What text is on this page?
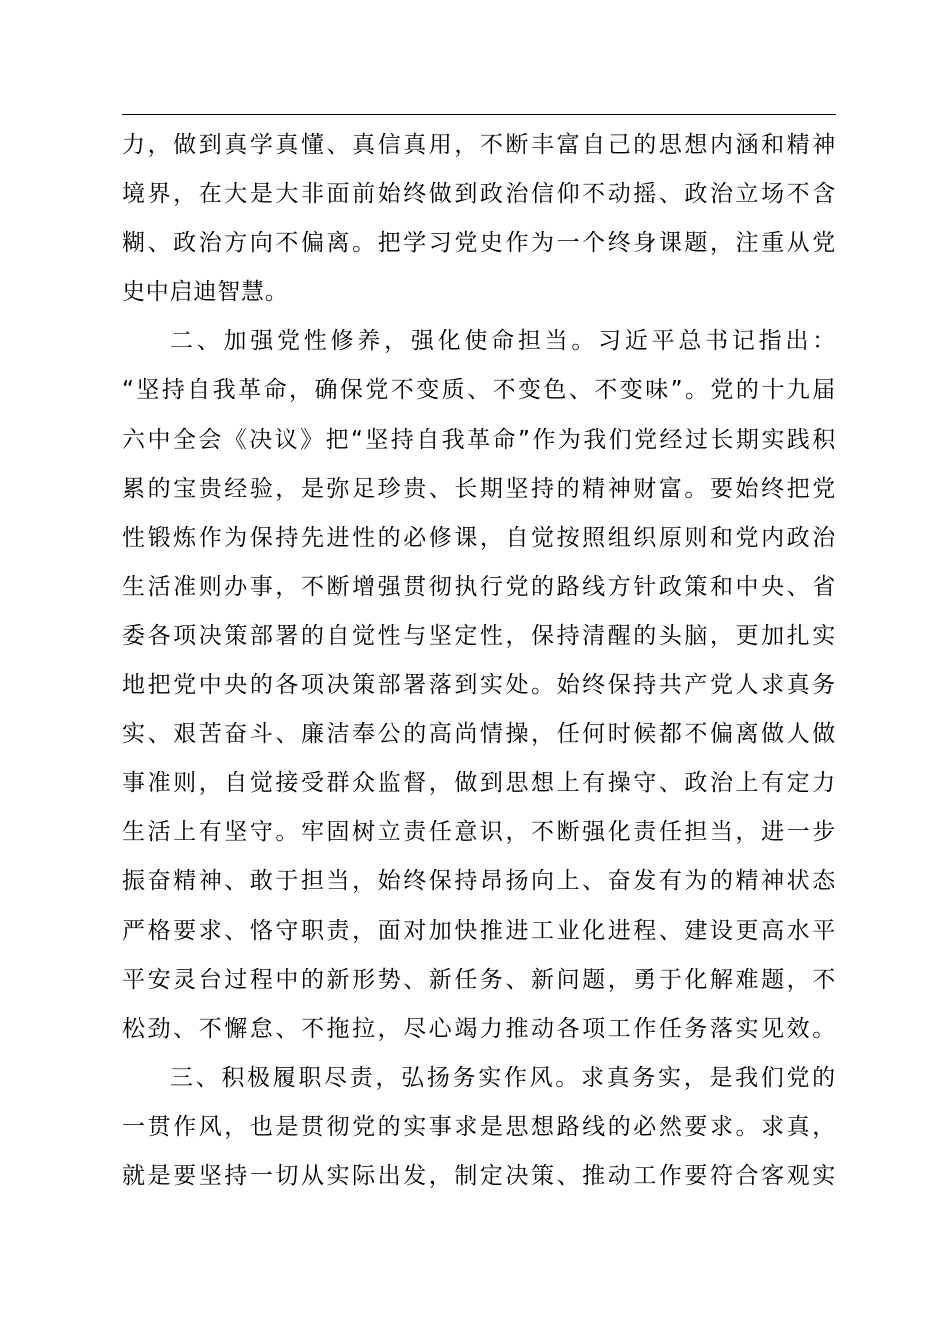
力，做到真学真懂、真信真用，不断丰富自己的思想内涵和精神
境界，在大是大非面前始终做到政治信仰不动摇、政治立场不含
糊、政治方向不偏离。把学习党史作为一个终身课题，注重从党
史中启迪智慧。
二、加强党性修养，强化使命担当。习近平总书记指出：
“坚持自我革命，确保党不变质、不变色、不变味”。党的十九届
六中全会《决议》把“坚持自我革命”作为我们党经过长期实践积
累的宝贵经验，是弥足珍贵、长期坚持的精神财富。要始终把党
性锻炼作为保持先进性的必修课，自觉按照组织原则和党内政治
生活准则办事，不断增强贯彻执行党的路线方针政策和中央、省
委各项决策部署的自觉性与坚定性，保持清醒的头脑，更加扎实
地把党中央的各项决策部署落到实处。始终保持共产党人求真务
实、艰苦奋斗、廉洁奉公的高尚情操，任何时候都不偏离做人做
事准则，自觉接受群众监督，做到思想上有操守、政治上有定力
生活上有坚守。牢固树立责任意识，不断强化责任担当，进一步
振奋精神、敢于担当，始终保持昂扬向上、奋发有为的精神状态
严格要求、恪守职责，面对加快推进工业化进程、建设更高水平
平安灵台过程中的新形势、新任务、新问题，勇于化解难题，不
松劲、不懈怠、不拖拉，尽心竭力推动各项工作任务落实见效。
三、积极履职尽责，弘扬务实作风。求真务实，是我们党的
一贯作风，也是贯彻党的实事求是思想路线的必然要求。求真，
就是要坚持一切从实际出发，制定决策、推动工作要符合客观实
